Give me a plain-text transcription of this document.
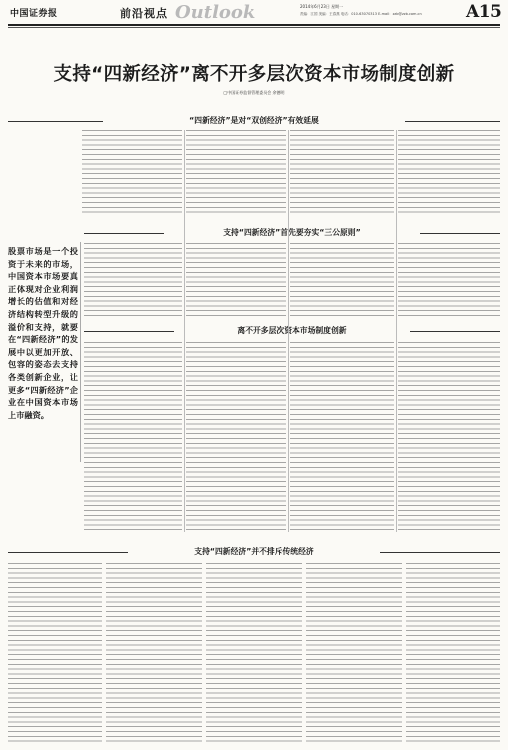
中国证券报	前沿视点 Outlook	2014年6月23日 星期一
责编：江国 美编：王春燕 电话：010-63070313 E-mail：zzb@zzb.com.cn	A15
支持“四新经济”离不开多层次资本市场制度创新
□中国证券监督管理委员会 余德明
“四新经济”是对“双创经济”有效延展
股票市场是一个投资于未来的市场，中国资本市场要真正体现对企业利润增长的估值和对经济结构转型升级的溢价和支持，就要在“四新经济”的发展中以更加开放、包容的姿态去支持各类创新企业，让更多“四新经济”企业在中国资本市场上市融资。
支持“四新经济”首先要夯实“三公原则”
离不开多层次资本市场制度创新
支持“四新经济”并不排斥传统经济
